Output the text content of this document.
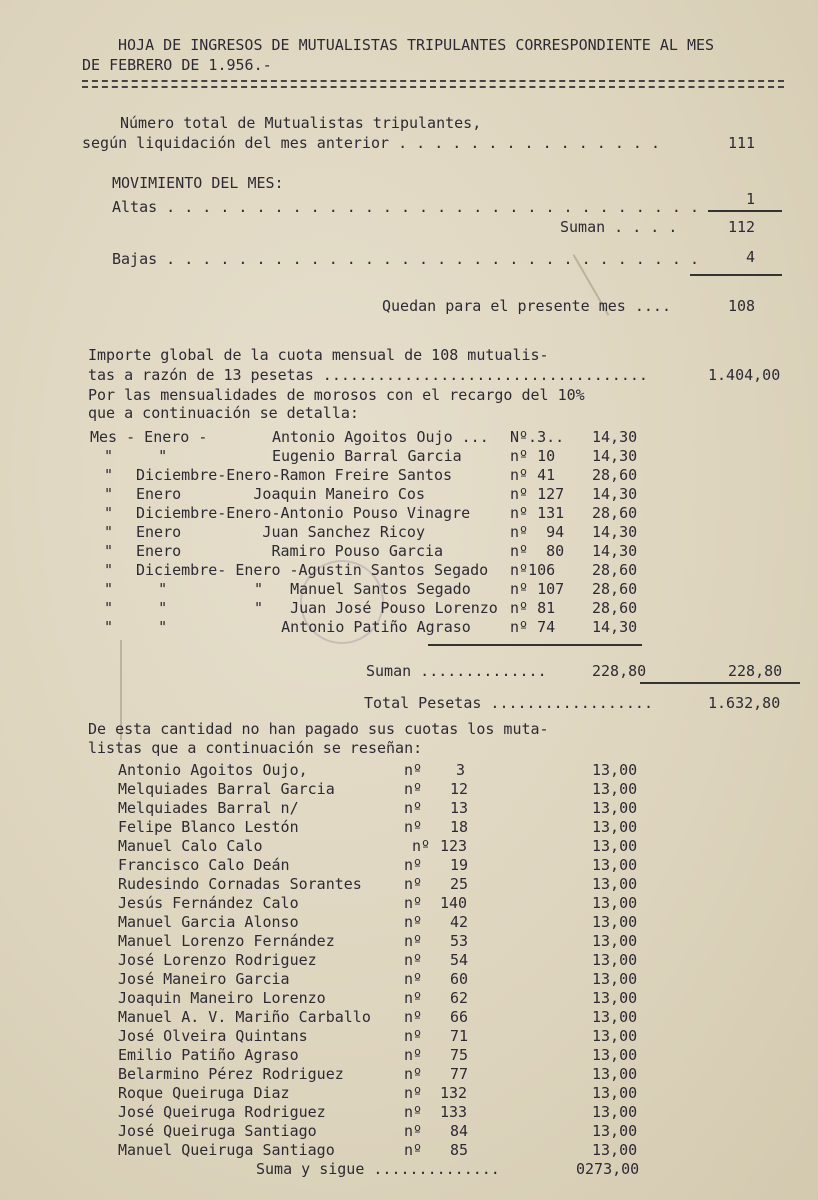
HOJA DE INGRESOS DE MUTUALISTAS TRIPULANTES CORRESPONDIENTE AL MES
DE FEBRERO DE 1.956.-
Número total de Mutualistas tripulantes,
según liquidación del mes anterior . . . . . . . . . . . . . . .	111
MOVIMIENTO DEL MES:
Altas . . . . . . . . . . . . . . . . . . . . . . . . . . . . . .	1
Suman . . . .	112
Bajas . . . . . . . . . . . . . . . . . . . . . . . . . . . . . .	4
Quedan para el presente mes ....	108
Importe global de la cuota mensual de 108 mutualis-
tas a razón de 13 pesetas ....................................	1.404,00
Por las mensualidades de morosos con el recargo del 10%
que a continuación se detalla:
Mes - Enero -	Antonio Agoitos Oujo ... Nº.3.. 14,30
"     "	Eugenio Barral Garcia	nº 10 14,30
" Diciembre-Enero-Ramon Freire Santos	nº 41 28,60
" Enero        Joaquin Maneiro Cos	nº 127 14,30
" Diciembre-Enero-Antonio Pouso Vinagre	nº 131 28,60
" Enero         Juan Sanchez Ricoy	nº  94 14,30
" Enero          Ramiro Pouso Garcia	nº  80 14,30
" Diciembre- Enero -Agustin Santos Segado nº106 28,60
"     "	"   Manuel Santos Segado	nº 107 28,60
"     "	"   Juan José Pouso Lorenzo nº 81 28,60
"     "	Antonio Patiño Agraso	nº 74 14,30
Suman ..............	228,80	228,80
Total Pesetas ..................	1.632,80
De esta cantidad no han pagado sus cuotas los muta-
listas que a continuación se reseñan:
Antonio Agoitos Oujo,	nº 3	13,00
Melquiades Barral Garcia	nº 12	13,00
Melquiades Barral n/	nº 13	13,00
Felipe Blanco Lestón	nº 18	13,00
Manuel Calo Calo	nº 123	13,00
Francisco Calo Deán	nº 19	13,00
Rudesindo Cornadas Sorantes	nº 25	13,00
Jesús Fernández Calo	nº 140	13,00
Manuel Garcia Alonso	nº 42	13,00
Manuel Lorenzo Fernández	nº 53	13,00
José Lorenzo Rodriguez	nº 54	13,00
José Maneiro Garcia	nº 60	13,00
Joaquin Maneiro Lorenzo	nº 62	13,00
Manuel A. V. Mariño Carballo nº 66	13,00
José Olveira Quintans	nº 71	13,00
Emilio Patiño Agraso	nº 75	13,00
Belarmino Pérez Rodriguez	nº 77	13,00
Roque Queiruga Diaz	nº 132	13,00
José Queiruga Rodriguez	nº 133	13,00
José Queiruga Santiago	nº 84	13,00
Manuel Queiruga Santiago	nº 85	13,00
Suma y sigue ..............	0273,00
